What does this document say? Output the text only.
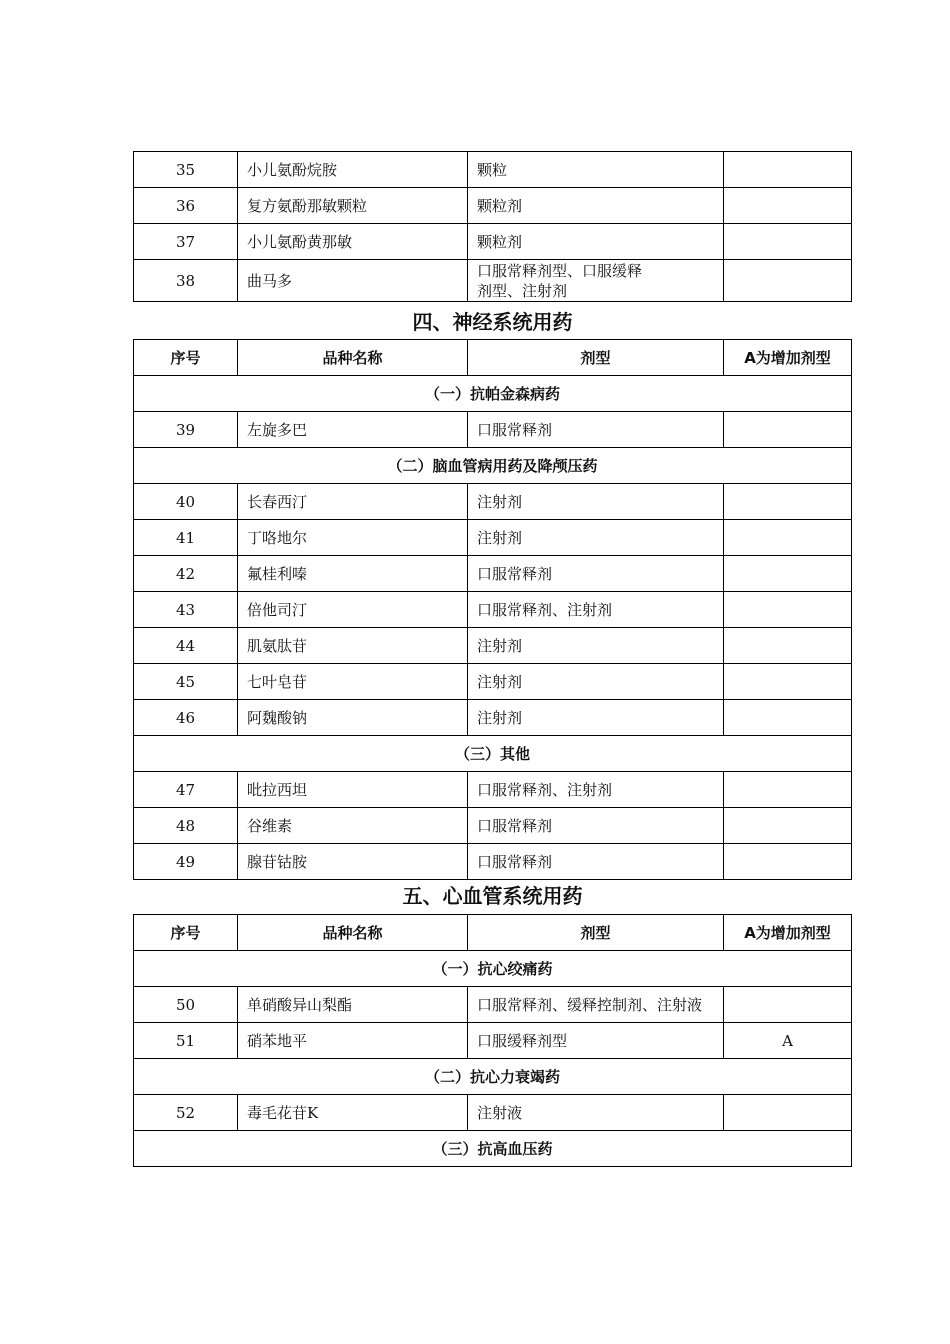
35	小儿氨酚烷胺	颗粒	
36	复方氨酚那敏颗粒	颗粒剂	
37	小儿氨酚黄那敏	颗粒剂	
38	曲马多	口服常释剂型、口服缓释
剂型、注射剂	

四、神经系统用药
序号	品种名称	剂型	A为增加剂型
（一）抗帕金森病药			
39	左旋多巴	口服常释剂	
（二）脑血管病用药及降颅压药			
40	长春西汀	注射剂	
41	丁咯地尔	注射剂	
42	氟桂利嗪	口服常释剂	
43	倍他司汀	口服常释剂、注射剂	
44	肌氨肽苷	注射剂	
45	七叶皂苷	注射剂	
46	阿魏酸钠	注射剂	
（三）其他			
47	吡拉西坦	口服常释剂、注射剂	
48	谷维素	口服常释剂	
49	腺苷钴胺	口服常释剂	
五、心血管系统用药
序号	品种名称	剂型	A为增加剂型
（一）抗心绞痛药			
50	单硝酸异山梨酯	口服常释剂、缓释控制剂、注射液	
51	硝苯地平	口服缓释剂型	A
（二）抗心力衰竭药			
52	毒毛花苷K	注射液	
（三）抗高血压药			
